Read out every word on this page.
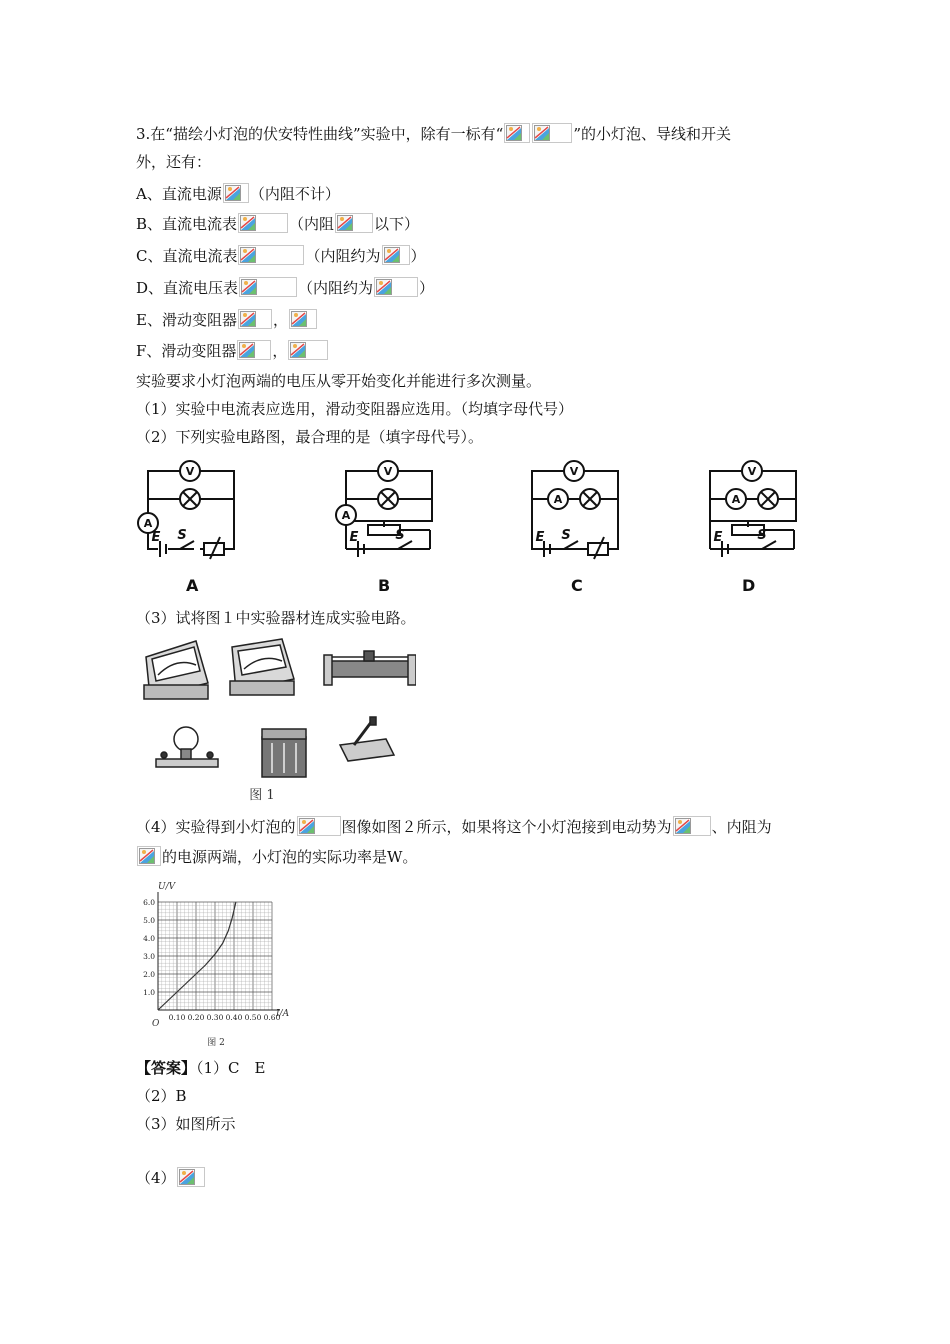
3.在“描绘小灯泡的伏安特性曲线”实验中，除有一标有“	”的小灯泡、导线和开关
外，还有：
A、直流电源 （内阻不计）
B、直流电流表	（内阻	以下）
C、直流电流表	（内阻约为 ）
D、直流电压表	（内阻约为	）
E、滑动变阻器 ，
F、滑动变阻器 ，
实验要求小灯泡两端的电压从零开始变化并能进行多次测量。
（1）实验中电流表应选用，滑动变阻器应选用。（均填字母代号）
（2）下列实验电路图，最合理的是（填字母代号）。
V
A
V
A
V
A
V
A
E S	E	S	E S	E	S
A	B	C	D
（3）试将图１中实验器材连成实验电路。
图 1
（4）实验得到小灯泡的	图像如图２所示，如果将这个小灯泡接到电动势为	、内阻为
的电源两端，小灯泡的实际功率是W。
U/V
I/A
O
0.10 0.20 0.30 0.40 0.50 0.60
1.0
2.0
3.0
4.0
5.0
6.0
图 2
【答案】（1）C　E
（2）B
（3）如图所示
（4）
